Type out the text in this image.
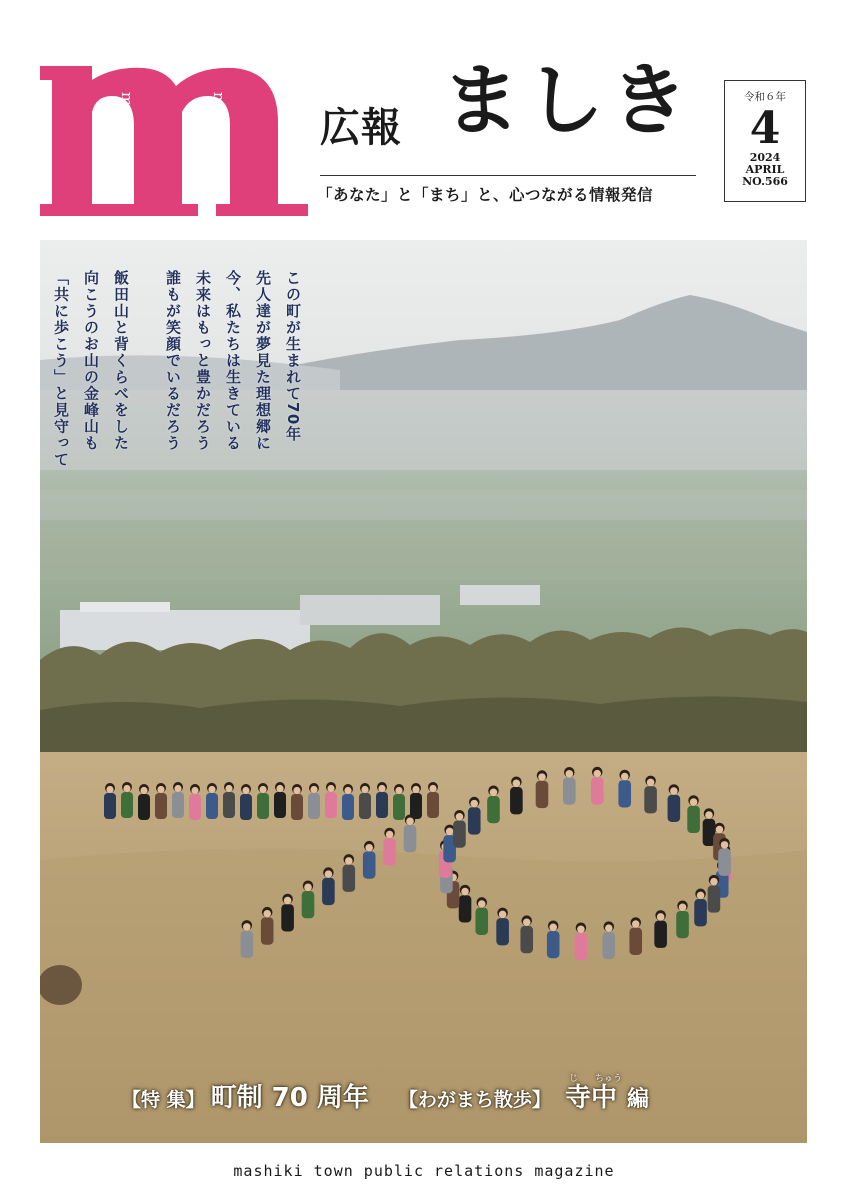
magazine	mashiki 広報 ましき
「あなた」と「まち」と、心つながる情報発信
令和６年
4
2024
APRIL
NO.566
この町が生まれて70年
先人達が夢見た理想郷に
今、私たちは生きている
未来はもっと豊かだろう
誰もが笑顔でいるだろう
飯田山と背くらべをした
向こうのお山の金峰山も
「共に歩こう」と見守って
【特 集】 町制 70 周年 【わがまち散歩】
じ
寺
ちゅう
中 編
mashiki town public relations magazine
